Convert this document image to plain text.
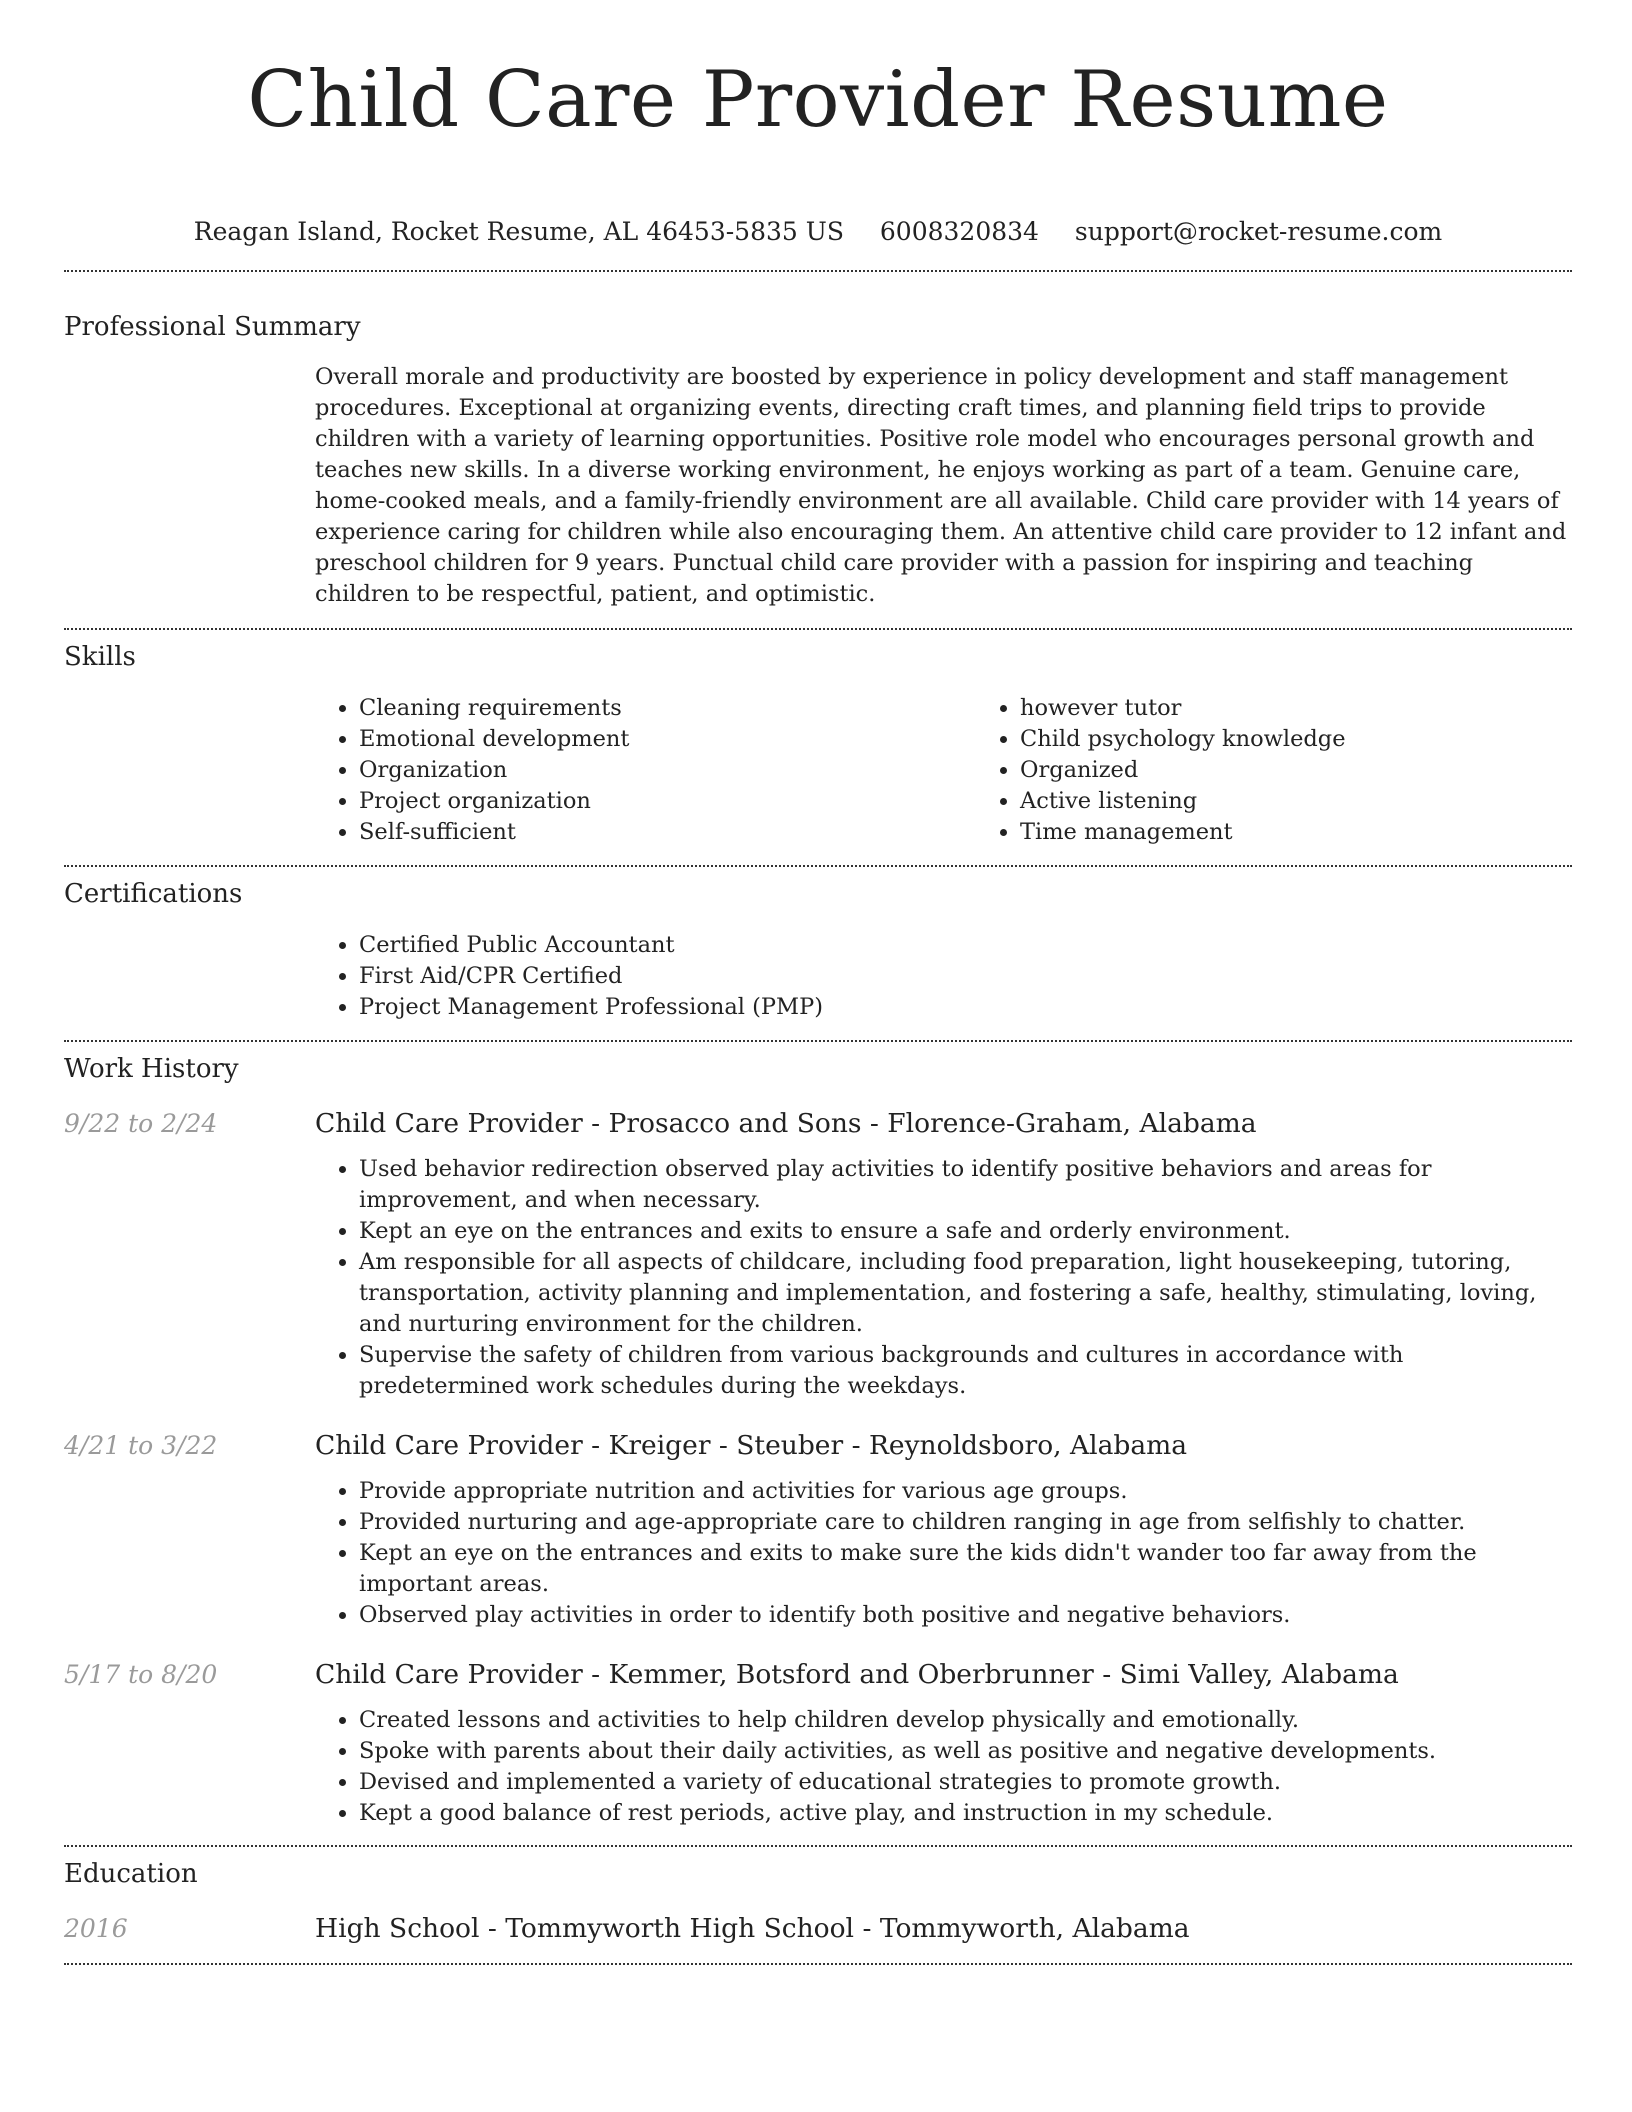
Child Care Provider Resume
Reagan Island, Rocket Resume, AL 46453-5835 US 6008320834 support@rocket-resume.com
Professional Summary

Overall morale and productivity are boosted by experience in policy development and staff management procedures. Exceptional at organizing events, directing craft times, and planning field trips to provide children with a variety of learning opportunities. Positive role model who encourages personal growth and teaches new skills. In a diverse working environment, he enjoys working as part of a team. Genuine care, home-cooked meals, and a family-friendly environment are all available. Child care provider with 14 years of experience caring for children while also encouraging them. An attentive child care provider to 12 infant and preschool children for 9 years. Punctual child care provider with a passion for inspiring and teaching children to be respectful, patient, and optimistic.

Skills
• Cleaning requirements
• Emotional development
• Organization
• Project organization
• Self-sufficient
• however tutor
• Child psychology knowledge
• Organized
• Active listening
• Time management
Certifications
• Certified Public Accountant
• First Aid/CPR Certified
• Project Management Professional (PMP)
Work History
9/22 to 2/24	Child Care Provider - Prosacco and Sons - Florence-Graham, Alabama
• Used behavior redirection observed play activities to identify positive behaviors and areas for improvement, and when necessary.
• Kept an eye on the entrances and exits to ensure a safe and orderly environment.
• Am responsible for all aspects of childcare, including food preparation, light housekeeping, tutoring, transportation, activity planning and implementation, and fostering a safe, healthy, stimulating, loving, and nurturing environment for the children.
• Supervise the safety of children from various backgrounds and cultures in accordance with predetermined work schedules during the weekdays.
4/21 to 3/22	Child Care Provider - Kreiger - Steuber - Reynoldsboro, Alabama
• Provide appropriate nutrition and activities for various age groups.
• Provided nurturing and age-appropriate care to children ranging in age from selfishly to chatter.
• Kept an eye on the entrances and exits to make sure the kids didn't wander too far away from the important areas.
• Observed play activities in order to identify both positive and negative behaviors.
5/17 to 8/20	Child Care Provider - Kemmer, Botsford and Oberbrunner - Simi Valley, Alabama
• Created lessons and activities to help children develop physically and emotionally.
• Spoke with parents about their daily activities, as well as positive and negative developments.
• Devised and implemented a variety of educational strategies to promote growth.
• Kept a good balance of rest periods, active play, and instruction in my schedule.
Education
2016	High School - Tommyworth High School - Tommyworth, Alabama
